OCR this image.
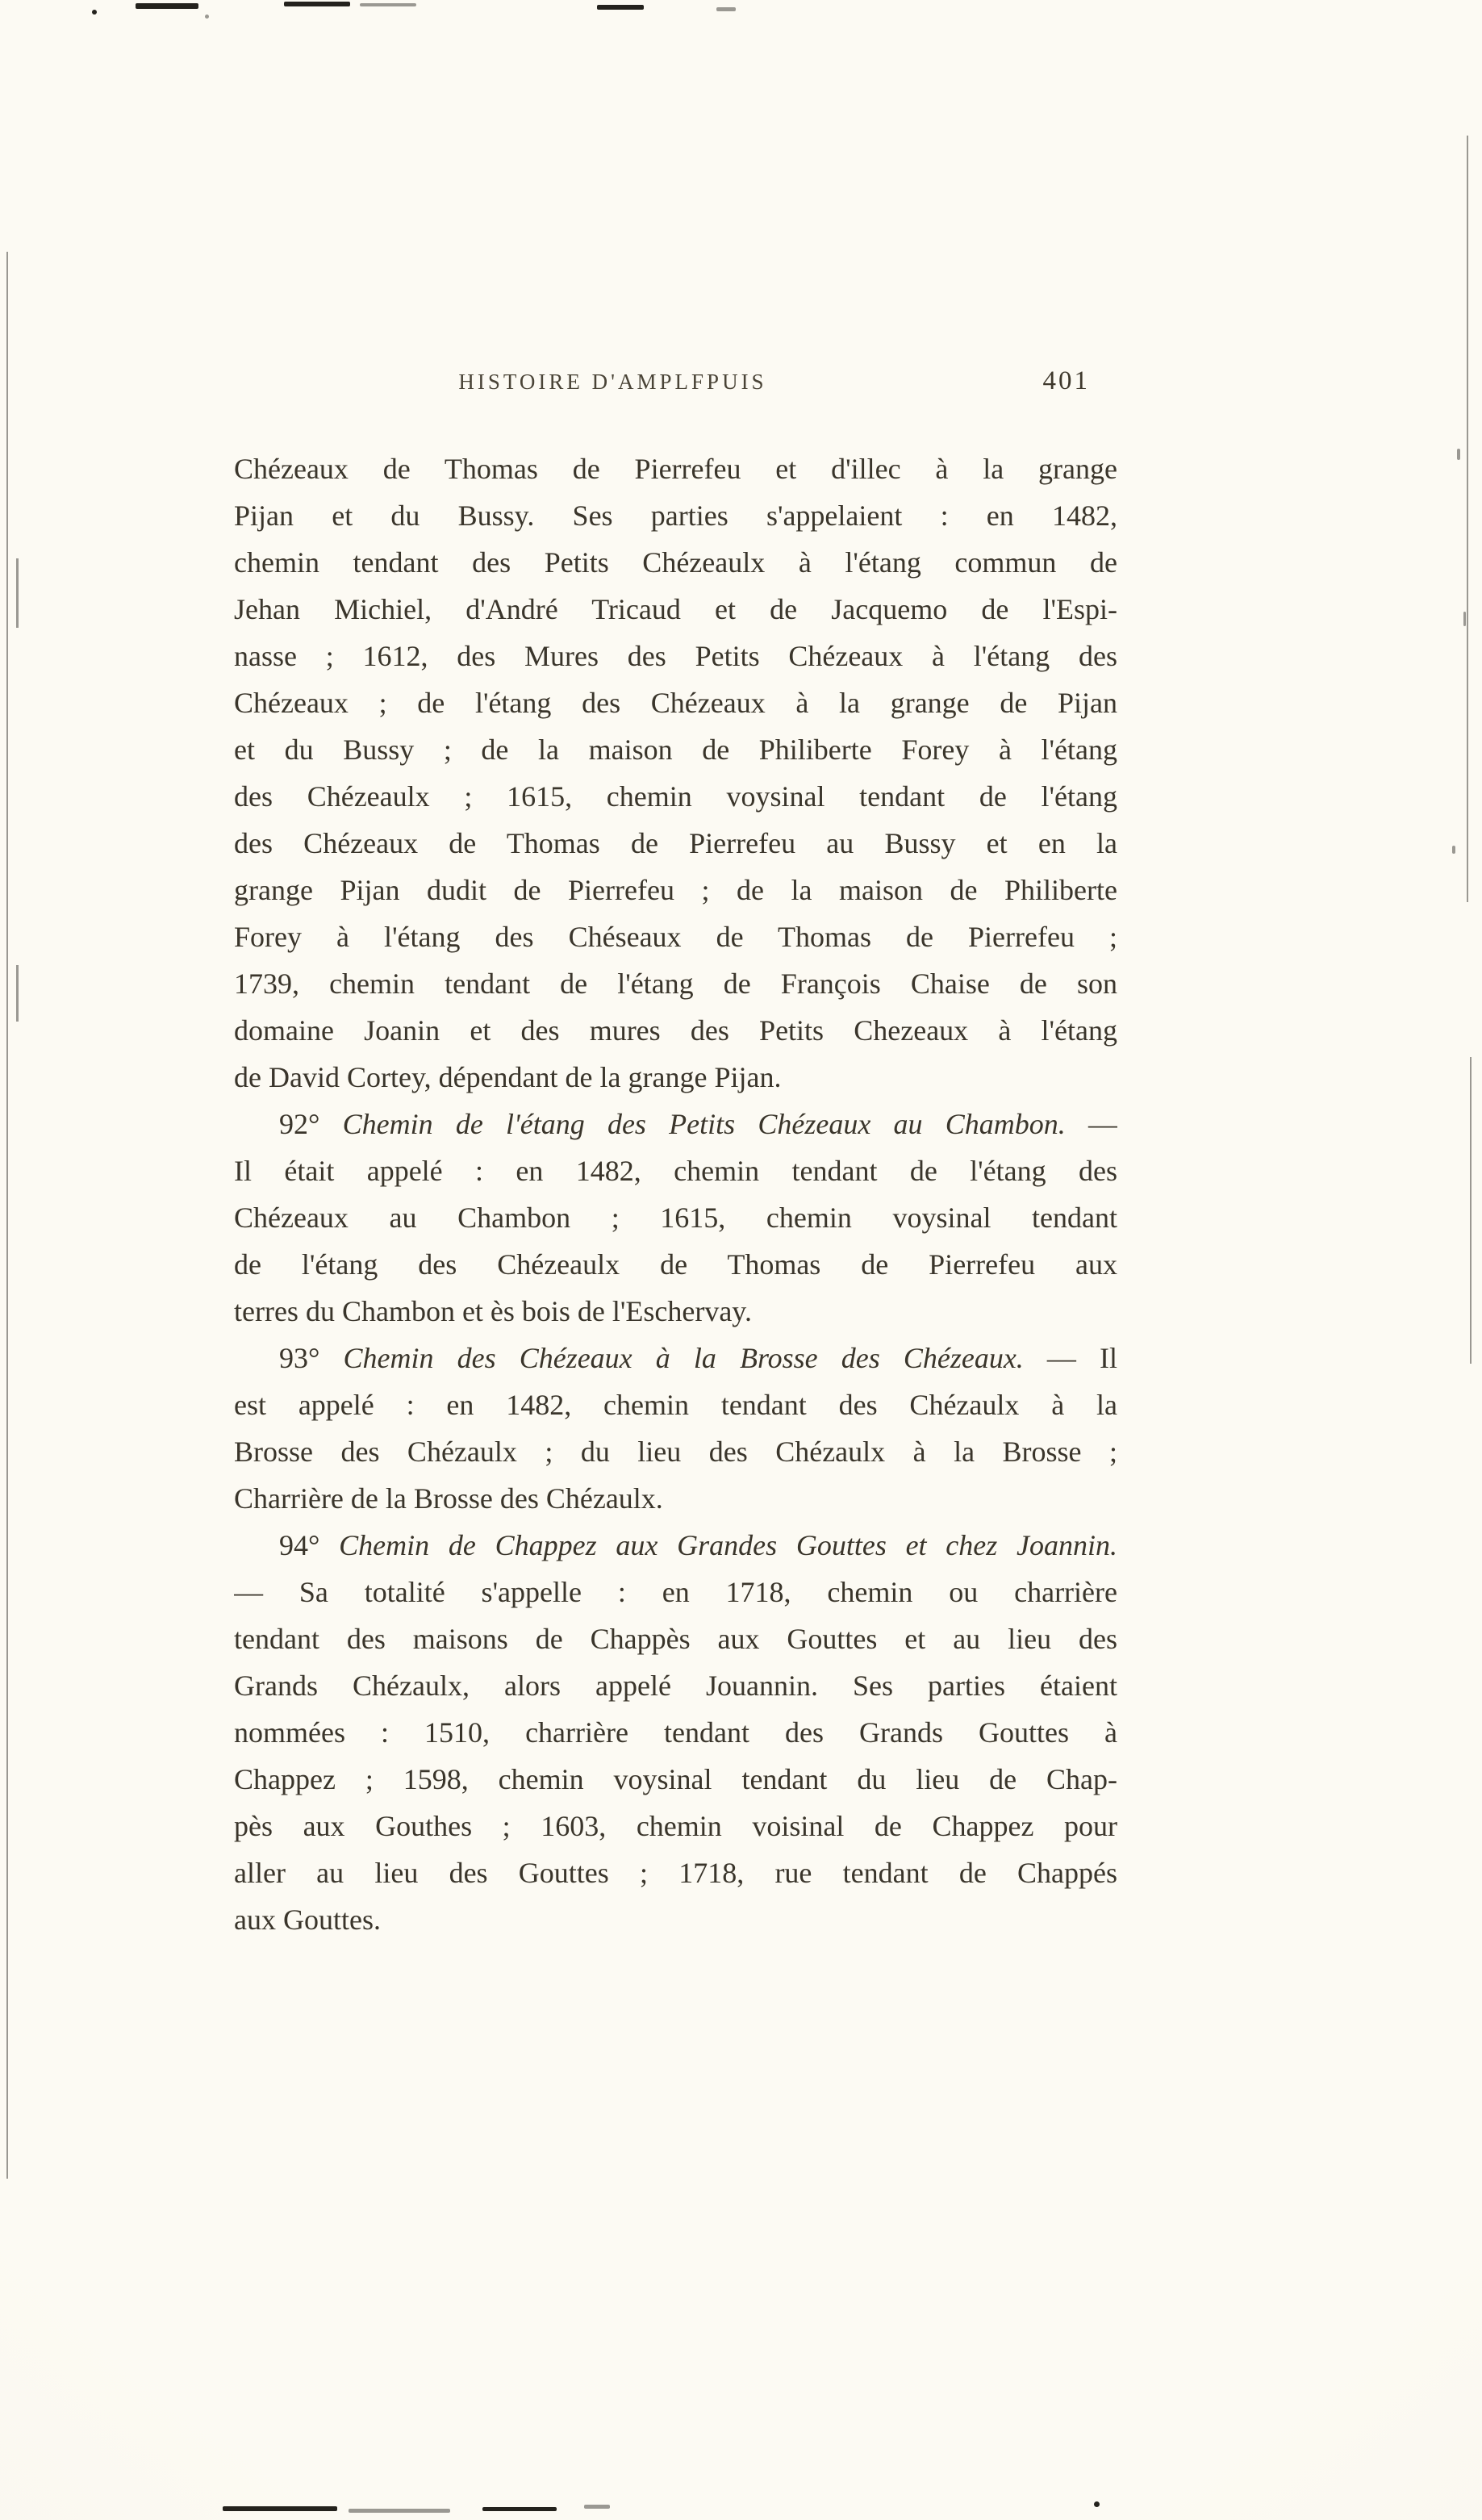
HISTOIRE D'AMPLFPUIS	401
Chézeaux de Thomas de Pierrefeu et d'illec à la grange
Pijan et du Bussy. Ses parties s'appelaient : en 1482,
chemin tendant des Petits Chézeaulx à l'étang commun de
Jehan Michiel, d'André Tricaud et de Jacquemo de l'Espi-
nasse ; 1612, des Mures des Petits Chézeaux à l'étang des
Chézeaux ; de l'étang des Chézeaux à la grange de Pijan
et du Bussy ; de la maison de Philiberte Forey à l'étang
des Chézeaulx ; 1615, chemin voysinal tendant de l'étang
des Chézeaux de Thomas de Pierrefeu au Bussy et en la
grange Pijan dudit de Pierrefeu ; de la maison de Philiberte
Forey à l'étang des Chéseaux de Thomas de Pierrefeu ;
1739, chemin tendant de l'étang de François Chaise de son
domaine Joanin et des mures des Petits Chezeaux à l'étang
de David Cortey, dépendant de la grange Pijan.
92° Chemin de l'étang des Petits Chézeaux au Chambon. —
Il était appelé : en 1482, chemin tendant de l'étang des
Chézeaux au Chambon ; 1615, chemin voysinal tendant
de l'étang des Chézeaulx de Thomas de Pierrefeu aux
terres du Chambon et ès bois de l'Eschervay.
93° Chemin des Chézeaux à la Brosse des Chézeaux. — Il
est appelé : en 1482, chemin tendant des Chézaulx à la
Brosse des Chézaulx ; du lieu des Chézaulx à la Brosse ;
Charrière de la Brosse des Chézaulx.
94° Chemin de Chappez aux Grandes Gouttes et chez Joannin.
— Sa totalité s'appelle : en 1718, chemin ou charrière
tendant des maisons de Chappès aux Gouttes et au lieu des
Grands Chézaulx, alors appelé Jouannin. Ses parties étaient
nommées : 1510, charrière tendant des Grands Gouttes à
Chappez ; 1598, chemin voysinal tendant du lieu de Chap-
pès aux Gouthes ; 1603, chemin voisinal de Chappez pour
aller au lieu des Gouttes ; 1718, rue tendant de Chappés
aux Gouttes.
